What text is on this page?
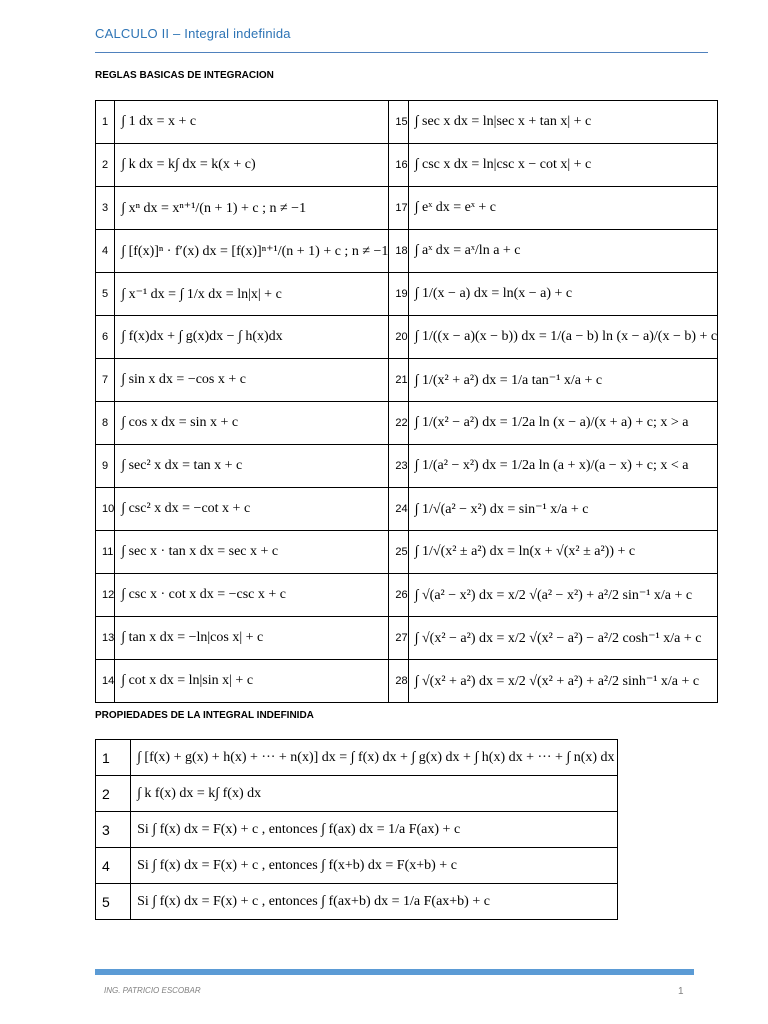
CALCULO II – Integral indefinida
REGLAS BASICAS DE INTEGRACION
1	∫ 1 dx = x + c	15	∫ sec x dx = ln|sec x + tan x| + c
2	∫ k dx = k∫ dx = k(x + c)	16	∫ csc x dx = ln|csc x − cot x| + c
3	∫ xⁿ dx = xⁿ⁺¹/(n + 1) + c ; n ≠ −1	17	∫ eˣ dx = eˣ + c
4	∫ [f(x)]ⁿ · f′(x) dx = [f(x)]ⁿ⁺¹/(n + 1) + c ; n ≠ −1	18	∫ aˣ dx = aˣ/ln a + c
5	∫ x⁻¹ dx = ∫ 1/x dx = ln|x| + c	19	∫ 1/(x − a) dx = ln(x − a) + c
6	∫ f(x)dx + ∫ g(x)dx − ∫ h(x)dx	20	∫ 1/((x − a)(x − b)) dx = 1/(a − b) ln (x − a)/(x − b) + c
7	∫ sin x dx = −cos x + c	21	∫ 1/(x² + a²) dx = 1/a tan⁻¹ x/a + c
8	∫ cos x dx = sin x + c	22	∫ 1/(x² − a²) dx = 1/2a ln (x − a)/(x + a) + c; x > a
9	∫ sec² x dx = tan x + c	23	∫ 1/(a² − x²) dx = 1/2a ln (a + x)/(a − x) + c; x < a
10	∫ csc² x dx = −cot x + c	24	∫ 1/√(a² − x²) dx = sin⁻¹ x/a + c
11	∫ sec x · tan x dx = sec x + c	25	∫ 1/√(x² ± a²) dx = ln(x + √(x² ± a²)) + c
12	∫ csc x · cot x dx = −csc x + c	26	∫ √(a² − x²) dx = x/2 √(a² − x²) + a²/2 sin⁻¹ x/a + c
13	∫ tan x dx = −ln|cos x| + c	27	∫ √(x² − a²) dx = x/2 √(x² − a²) − a²/2 cosh⁻¹ x/a + c
14	∫ cot x dx = ln|sin x| + c	28	∫ √(x² + a²) dx = x/2 √(x² + a²) + a²/2 sinh⁻¹ x/a + c
PROPIEDADES DE LA INTEGRAL INDEFINIDA
1	∫ [f(x) + g(x) + h(x) + ··· + n(x)] dx = ∫ f(x) dx + ∫ g(x) dx + ∫ h(x) dx + ··· + ∫ n(x) dx
2	∫ k f(x) dx = k∫ f(x) dx
3	Si ∫ f(x) dx = F(x) + c , entonces ∫ f(ax) dx = 1/a F(ax) + c
4	Si ∫ f(x) dx = F(x) + c , entonces ∫ f(x+b) dx = F(x+b) + c
5	Si ∫ f(x) dx = F(x) + c , entonces ∫ f(ax+b) dx = 1/a F(ax+b) + c
ING. PATRICIO ESCOBAR	1
